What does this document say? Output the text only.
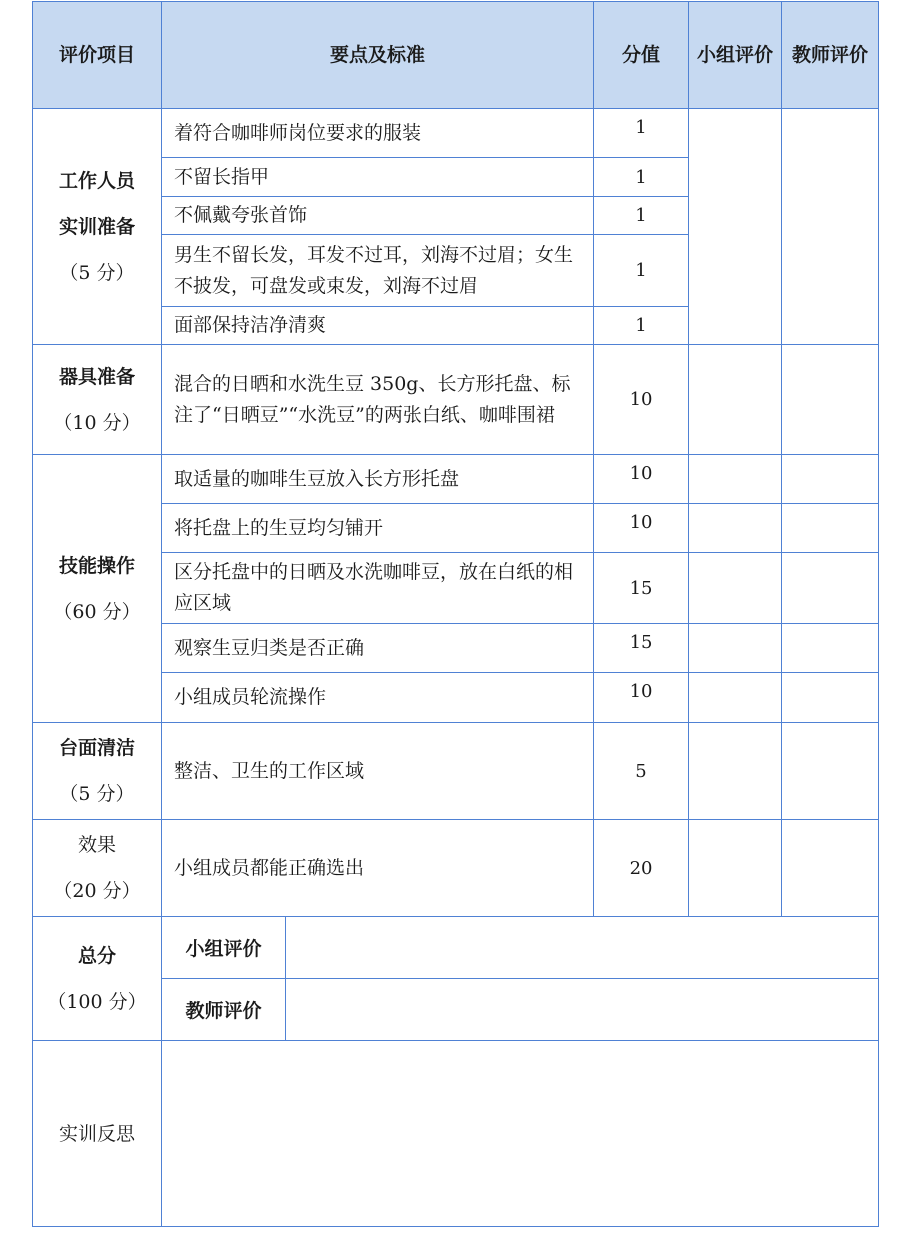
评价项目	要点及标准		分值	小组评价	教师评价

工作人员实训准备
（5 分）	着符合咖啡师岗位要求的服装		1		
	不留长指甲		1		
	不佩戴夸张首饰		1		
	男生不留长发，耳发不过耳，刘海不过眉；女生不披发，可盘发或束发，刘海不过眉		1		
	面部保持洁净清爽		1		

器具准备
（10 分）	混合的日晒和水洗生豆 350g、长方形托盘、标注了“日晒豆”“水洗豆”的两张白纸、咖啡围裙		10		

技能操作
（60 分）	取适量的咖啡生豆放入长方形托盘		10		
	将托盘上的生豆均匀铺开		10		
	区分托盘中的日晒及水洗咖啡豆，放在白纸的相应区域		15		
	观察生豆归类是否正确		15		
	小组成员轮流操作		10		

台面清洁
（5 分）	整洁、卫生的工作区域		5		

效果
（20 分）	小组成员都能正确选出		20		

总分
（100 分）	小组评价				
	教师评价				
实训反思					
